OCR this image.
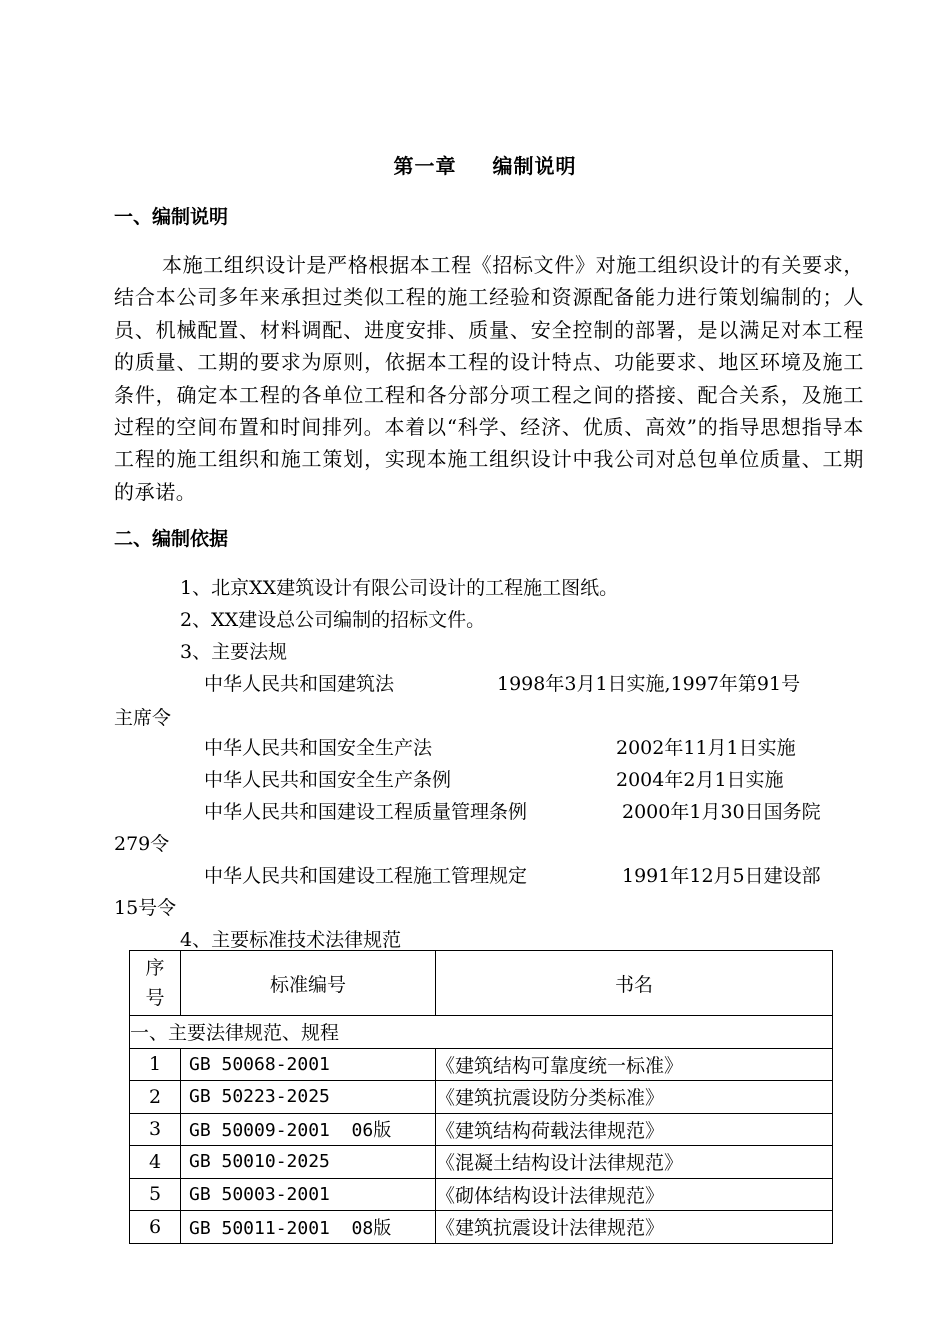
第一章 编制说明
一、编制说明

本施工组织设计是严格根据本工程《招标文件》对施工组织设计的有关要求，结合本公司多年来承担过类似工程的施工经验和资源配备能力进行策划编制的；人员、机械配置、材料调配、进度安排、质量、安全控制的部署，是以满足对本工程的质量、工期的要求为原则，依据本工程的设计特点、功能要求、地区环境及施工条件，确定本工程的各单位工程和各分部分项工程之间的搭接、配合关系，及施工过程的空间布置和时间排列。本着以“科学、经济、优质、高效”的指导思想指导本工程的施工组织和施工策划，实现本施工组织设计中我公司对总包单位质量、工期的承诺。

二、编制依据
1、北京XX建筑设计有限公司设计的工程施工图纸。
2、XX建设总公司编制的招标文件。
3、主要法规
中华人民共和国建筑法	1998年3月1日实施,1997年第91号
主席令
中华人民共和国安全生产法	2002年11月1日实施
中华人民共和国安全生产条例	2004年2月1日实施
中华人民共和国建设工程质量管理条例	2000年1月30日国务院
279令
中华人民共和国建设工程施工管理规定	1991年12月5日建设部
15号令
4、主要标准技术法律规范
序
号	标准编号	书名
一、主要法律规范、规程		
1	GB 50068-2001	《建筑结构可靠度统一标准》
2	GB 50223-2025	《建筑抗震设防分类标准》
3	GB 50009-2001  06版	《建筑结构荷载法律规范》
4	GB 50010-2025	《混凝土结构设计法律规范》
5	GB 50003-2001	《砌体结构设计法律规范》
6	GB 50011-2001  08版	《建筑抗震设计法律规范》
